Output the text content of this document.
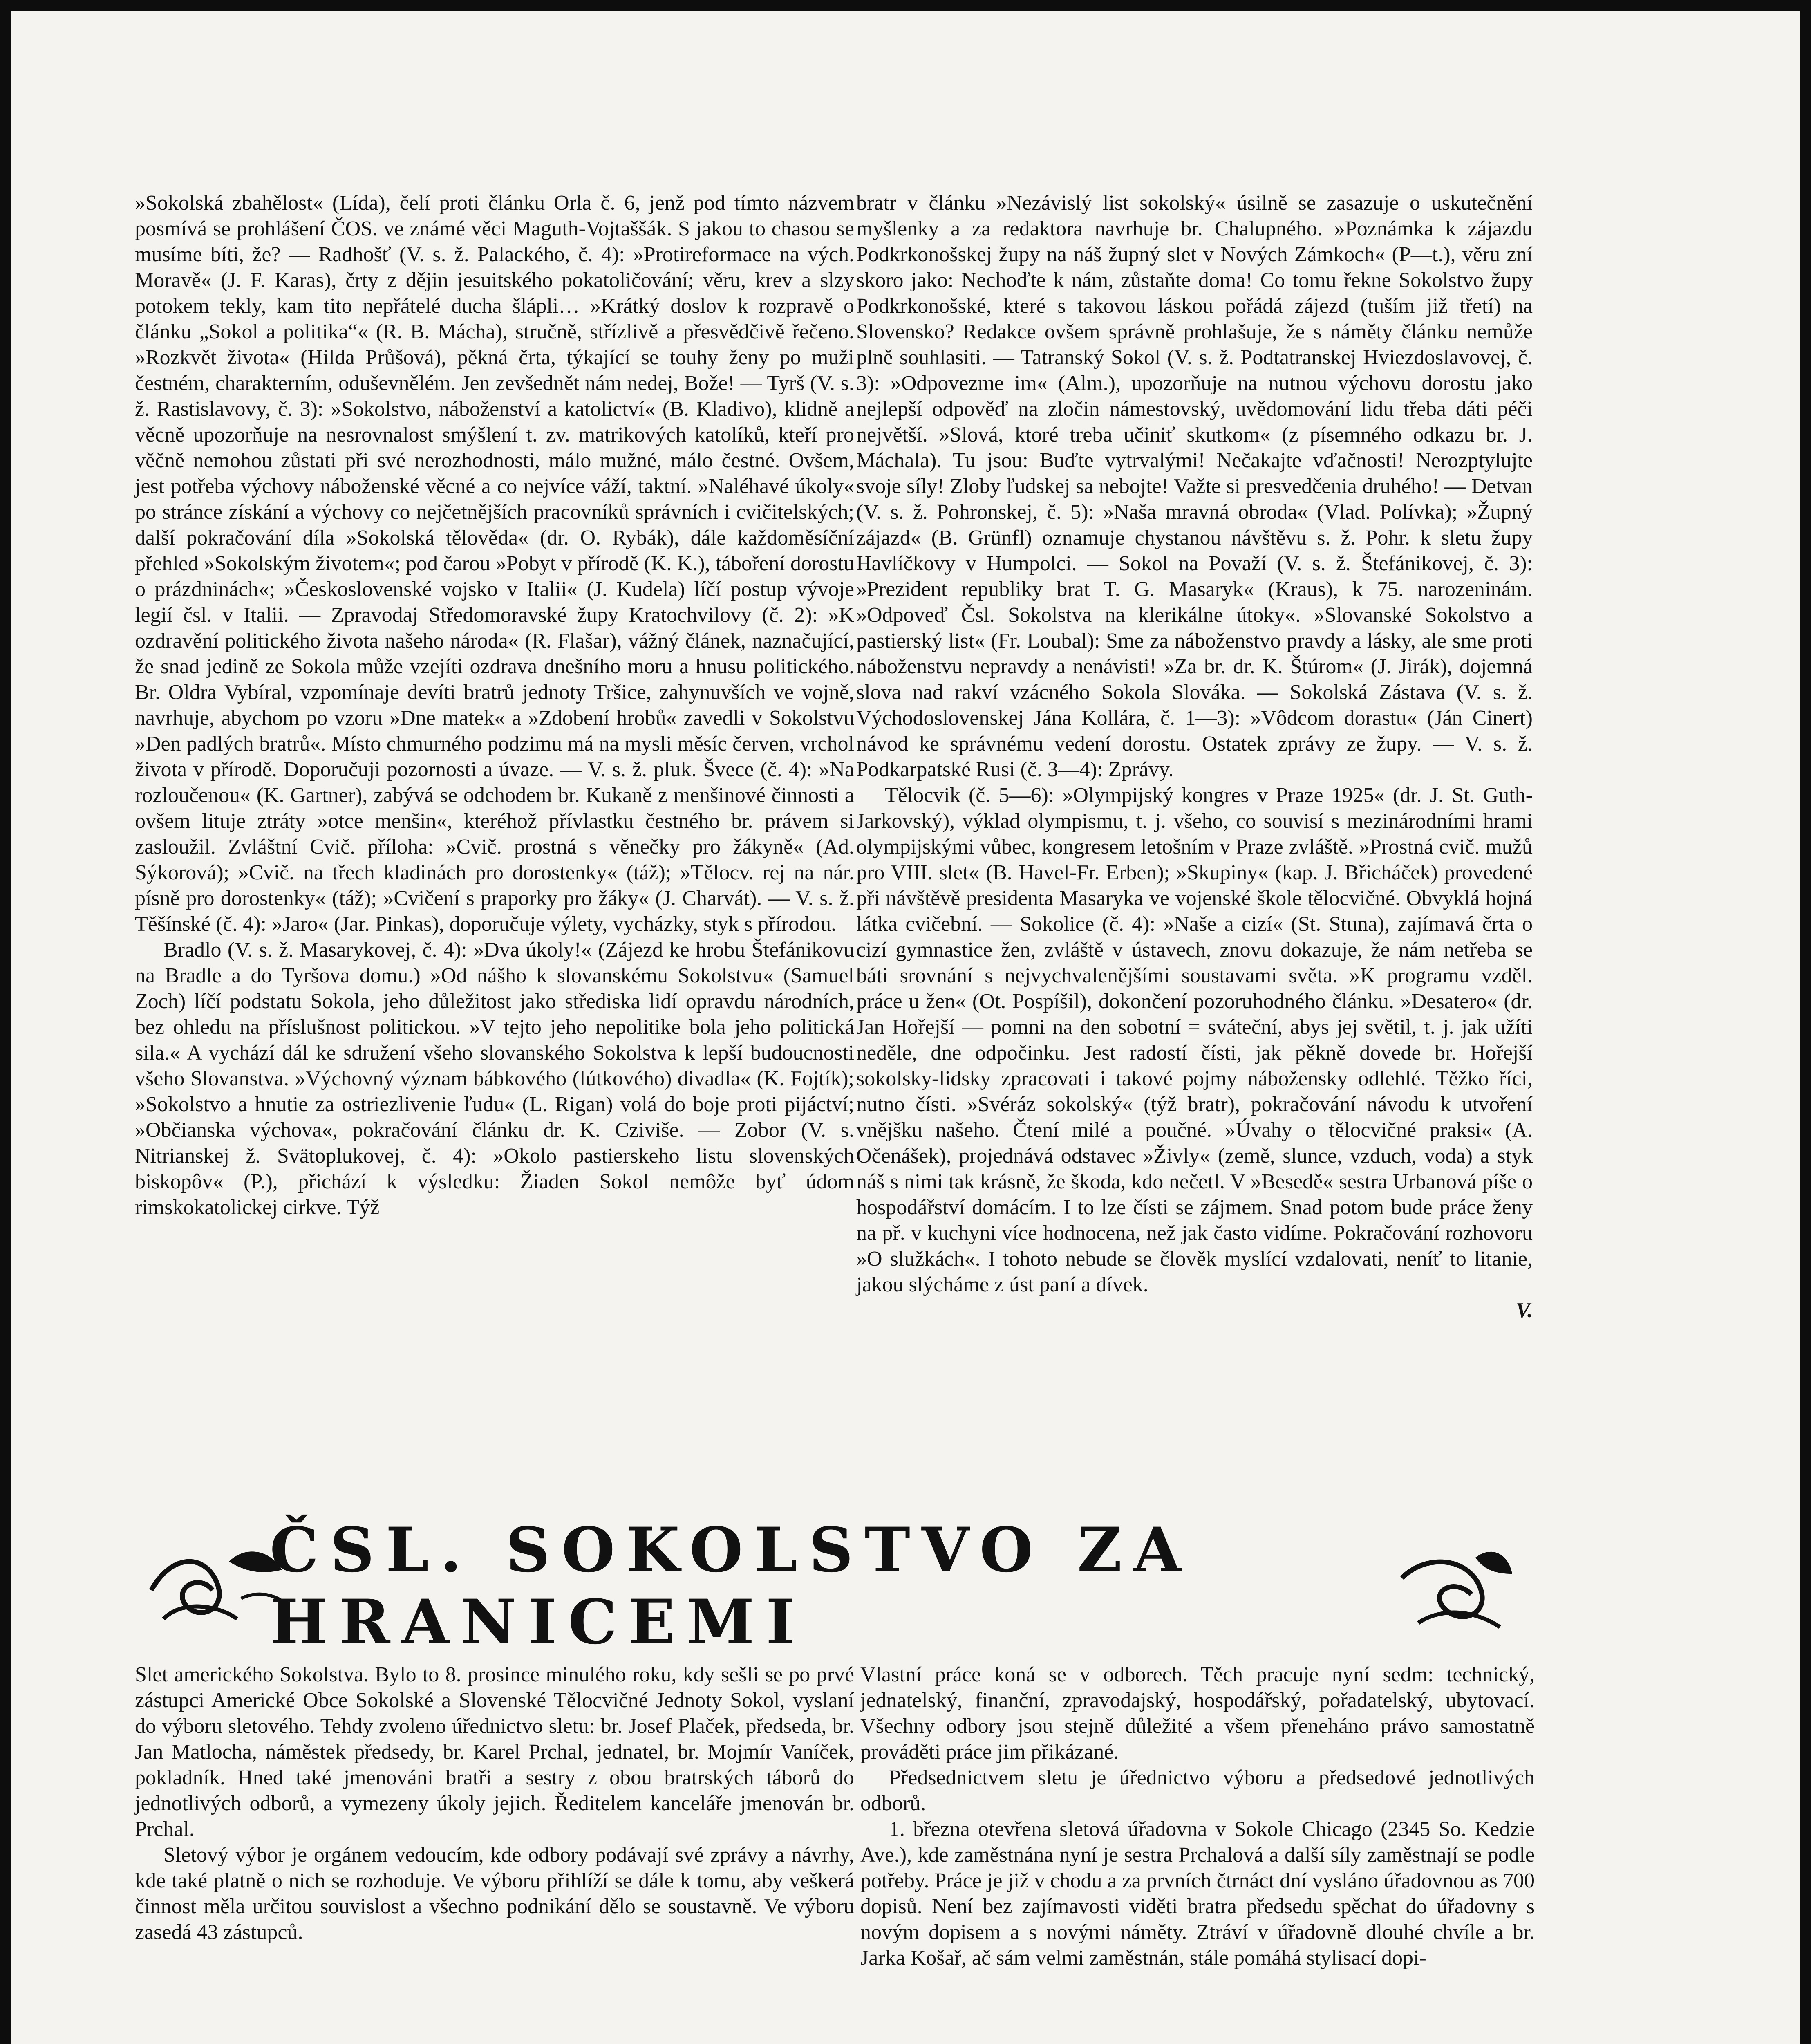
»Sokolská zbahělost« (Lída), čelí proti článku Orla č. 6, jenž pod tímto názvem posmívá se prohlášení ČOS. ve známé věci Maguth-Vojtaššák. S jakou to chasou se musíme bíti, že? — Radhošť (V. s. ž. Palackého, č. 4): »Protireformace na vých. Moravě« (J. F. Karas), črty z dějin jesuitského pokatoličování; věru, krev a slzy potokem tekly, kam tito nepřátelé ducha šlápli… »Krátký doslov k rozpravě o článku „Sokol a politika“« (R. B. Mácha), stručně, střízlivě a přesvědčivě řečeno. »Rozkvět života« (Hilda Průšová), pěkná črta, týkající se touhy ženy po muži čestném, charakterním, oduševnělém. Jen zevšednět nám nedej, Bože! — Tyrš (V. s. ž. Rastislavovy, č. 3): »Sokolstvo, náboženství a katolictví« (B. Kladivo), klidně a věcně upozorňuje na nesrovnalost smýšlení t. zv. matrikových katolíků, kteří pro věčně nemohou zůstati při své nerozhodnosti, málo mužné, málo čestné. Ovšem, jest potřeba výchovy náboženské věcné a co nejvíce váží, taktní. »Naléhavé úkoly« po stránce získání a výchovy co nejčetnějších pracovníků správních i cvičitelských; další pokračování díla »Sokolská tělověda« (dr. O. Rybák), dále každoměsíční přehled »Sokolským životem«; pod čarou »Pobyt v přírodě (K. K.), táboření dorostu o prázdninách«; »Československé vojsko v Italii« (J. Kudela) líčí postup vývoje legií čsl. v Italii. — Zpravodaj Středomoravské župy Kratochvilovy (č. 2): »K ozdravění politického života našeho národa« (R. Flašar), vážný článek, naznačující, že snad jedině ze Sokola může vzejíti ozdrava dnešního moru a hnusu politického. Br. Oldra Vybíral, vzpomínaje devíti bratrů jednoty Tršice, zahynuvších ve vojně, navrhuje, abychom po vzoru »Dne matek« a »Zdobení hrobů« zavedli v Sokolstvu »Den padlých bratrů«. Místo chmurného podzimu má na mysli měsíc červen, vrchol života v přírodě. Doporučuji pozornosti a úvaze. — V. s. ž. pluk. Švece (č. 4): »Na rozloučenou« (K. Gartner), zabývá se odchodem br. Kukaně z menšinové činnosti a ovšem lituje ztráty »otce menšin«, kteréhož přívlastku čestného br. právem si zasloužil. Zvláštní Cvič. příloha: »Cvič. prostná s věnečky pro žákyně« (Ad. Sýkorová); »Cvič. na třech kladinách pro dorostenky« (táž); »Tělocv. rej na nár. písně pro dorostenky« (táž); »Cvičení s praporky pro žáky« (J. Charvát). — V. s. ž. Těšínské (č. 4): »Jaro« (Jar. Pinkas), doporučuje výlety, vycházky, styk s přírodou.

Bradlo (V. s. ž. Masarykovej, č. 4): »Dva úkoly!« (Zájezd ke hrobu Štefánikovu na Bradle a do Tyršova domu.) »Od nášho k slovanskému Sokolstvu« (Samuel Zoch) líčí podstatu Sokola, jeho důležitost jako střediska lidí opravdu národních, bez ohledu na příslušnost politickou. »V tejto jeho nepolitike bola jeho politická sila.« A vychází dál ke sdružení všeho slovanského Sokolstva k lepší budoucnosti všeho Slovanstva. »Výchovný význam bábkového (lútkového) divadla« (K. Fojtík); »Sokolstvo a hnutie za ostriezlivenie ľudu« (L. Rigan) volá do boje proti pijáctví; »Občianska výchova«, pokračování článku dr. K. Cziviše. — Zobor (V. s. Nitrianskej ž. Svätoplukovej, č. 4): »Okolo pastierskeho listu slovenských biskopôv« (P.), přichází k výsledku: Žiaden Sokol nemôže byť údom rimskokatolickej cirkve. Týž

bratr v článku »Nezávislý list sokolský« úsilně se zasazuje o uskutečnění myšlenky a za redaktora navrhuje br. Chalupného. »Poznámka k zájazdu Podkrkonošskej župy na náš župný slet v Nových Zámkoch« (P—t.), věru zní skoro jako: Nechoďte k nám, zůstaňte doma! Co tomu řekne Sokolstvo župy Podkrkonošské, které s takovou láskou pořádá zájezd (tuším již třetí) na Slovensko? Redakce ovšem správně prohlašuje, že s náměty článku nemůže plně souhlasiti. — Tatranský Sokol (V. s. ž. Podtatranskej Hviezdoslavovej, č. 3): »Odpovezme im« (Alm.), upozorňuje na nutnou výchovu dorostu jako nejlepší odpověď na zločin námestovský, uvědomování lidu třeba dáti péči největší. »Slová, ktoré treba učiniť skutkom« (z písemného odkazu br. J. Máchala). Tu jsou: Buďte vytrvalými! Nečakajte vďačnosti! Nerozptylujte svoje síly! Zloby ľudskej sa nebojte! Važte si presvedčenia druhého! — Detvan (V. s. ž. Pohronskej, č. 5): »Naša mravná obroda« (Vlad. Polívka); »Župný zájazd« (B. Grünfl) oznamuje chystanou návštěvu s. ž. Pohr. k sletu župy Havlíčkovy v Humpolci. — Sokol na Považí (V. s. ž. Štefánikovej, č. 3): »Prezident republiky brat T. G. Masaryk« (Kraus), k 75. narozeninám. »Odpoveď Čsl. Sokolstva na klerikálne útoky«. »Slovanské Sokolstvo a pastierský list« (Fr. Loubal): Sme za náboženstvo pravdy a lásky, ale sme proti náboženstvu nepravdy a nenávisti! »Za br. dr. K. Štúrom« (J. Jirák), dojemná slova nad rakví vzácného Sokola Slováka. — Sokolská Zástava (V. s. ž. Východoslovenskej Jána Kollára, č. 1—3): »Vôdcom dorastu« (Ján Cinert) návod ke správnému vedení dorostu. Ostatek zprávy ze župy. — V. s. ž. Podkarpatské Rusi (č. 3—4): Zprávy.

Tělocvik (č. 5—6): »Olympijský kongres v Praze 1925« (dr. J. St. Guth-Jarkovský), výklad olympismu, t. j. všeho, co souvisí s mezinárodními hrami olympijskými vůbec, kongresem letošním v Praze zvláště. »Prostná cvič. mužů pro VIII. slet« (B. Havel-Fr. Erben); »Skupiny« (kap. J. Břicháček) provedené při návštěvě presidenta Masaryka ve vojenské škole tělocvičné. Obvyklá hojná látka cvičební. — Sokolice (č. 4): »Naše a cizí« (St. Stuna), zajímavá črta o cizí gymnastice žen, zvláště v ústavech, znovu dokazuje, že nám netřeba se báti srovnání s nejvychvalenějšími soustavami světa. »K programu vzděl. práce u žen« (Ot. Pospíšil), dokončení pozoruhodného článku. »Desatero« (dr. Jan Hořejší — pomni na den sobotní = sváteční, abys jej světil, t. j. jak užíti neděle, dne odpočinku. Jest radostí čísti, jak pěkně dovede br. Hořejší sokolsky-lidsky zpracovati i takové pojmy nábožensky odlehlé. Těžko říci, nutno čísti. »Svéráz sokolský« (týž bratr), pokračování návodu k utvoření vnějšku našeho. Čtení milé a poučné. »Úvahy o tělocvičné praksi« (A. Očenášek), projednává odstavec »Živly« (země, slunce, vzduch, voda) a styk náš s nimi tak krásně, že škoda, kdo nečetl. V »Besedě« sestra Urbanová píše o hospodářství domácím. I to lze čísti se zájmem. Snad potom bude práce ženy na př. v kuchyni více hodnocena, než jak často vidíme. Pokračování rozhovoru »O služkách«. I tohoto nebude se člověk myslící vzdalovati, neníť to litanie, jakou slýcháme z úst paní a dívek.

V.
ČSL. SOKOLSTVO ZA HRANICEMI

Slet amerického Sokolstva. Bylo to 8. prosince minulého roku, kdy sešli se po prvé zástupci Americké Obce Sokolské a Slovenské Tělocvičné Jednoty Sokol, vyslaní do výboru sletového. Tehdy zvoleno úřednictvo sletu: br. Josef Plaček, předseda, br. Jan Matlocha, náměstek předsedy, br. Karel Prchal, jednatel, br. Mojmír Vaníček, pokladník. Hned také jmenováni bratři a sestry z obou bratrských táborů do jednotlivých odborů, a vymezeny úkoly jejich. Ředitelem kanceláře jmenován br. Prchal.

Sletový výbor je orgánem vedoucím, kde odbory podávají své zprávy a návrhy, kde také platně o nich se rozhoduje. Ve výboru přihlíží se dále k tomu, aby veškerá činnost měla určitou souvislost a všechno podnikání dělo se soustavně. Ve výboru zasedá 43 zástupců.

Vlastní práce koná se v odborech. Těch pracuje nyní sedm: technický, jednatelský, finanční, zpravodajský, hospodářský, pořadatelský, ubytovací. Všechny odbory jsou stejně důležité a všem přeneháno právo samostatně prováděti práce jim přikázané.

Předsednictvem sletu je úřednictvo výboru a předsedové jednotlivých odborů.

1. března otevřena sletová úřadovna v Sokole Chicago (2345 So. Kedzie Ave.), kde zaměstnána nyní je sestra Prchalová a další síly zaměstnají se podle potřeby. Práce je již v chodu a za prvních čtrnáct dní vysláno úřadovnou as 700 dopisů. Není bez zajímavosti viděti bratra předsedu spěchat do úřadovny s novým dopisem a s novými náměty. Ztráví v úřadovně dlouhé chvíle a br. Jarka Košař, ač sám velmi zaměstnán, stále pomáhá stylisací dopi-
